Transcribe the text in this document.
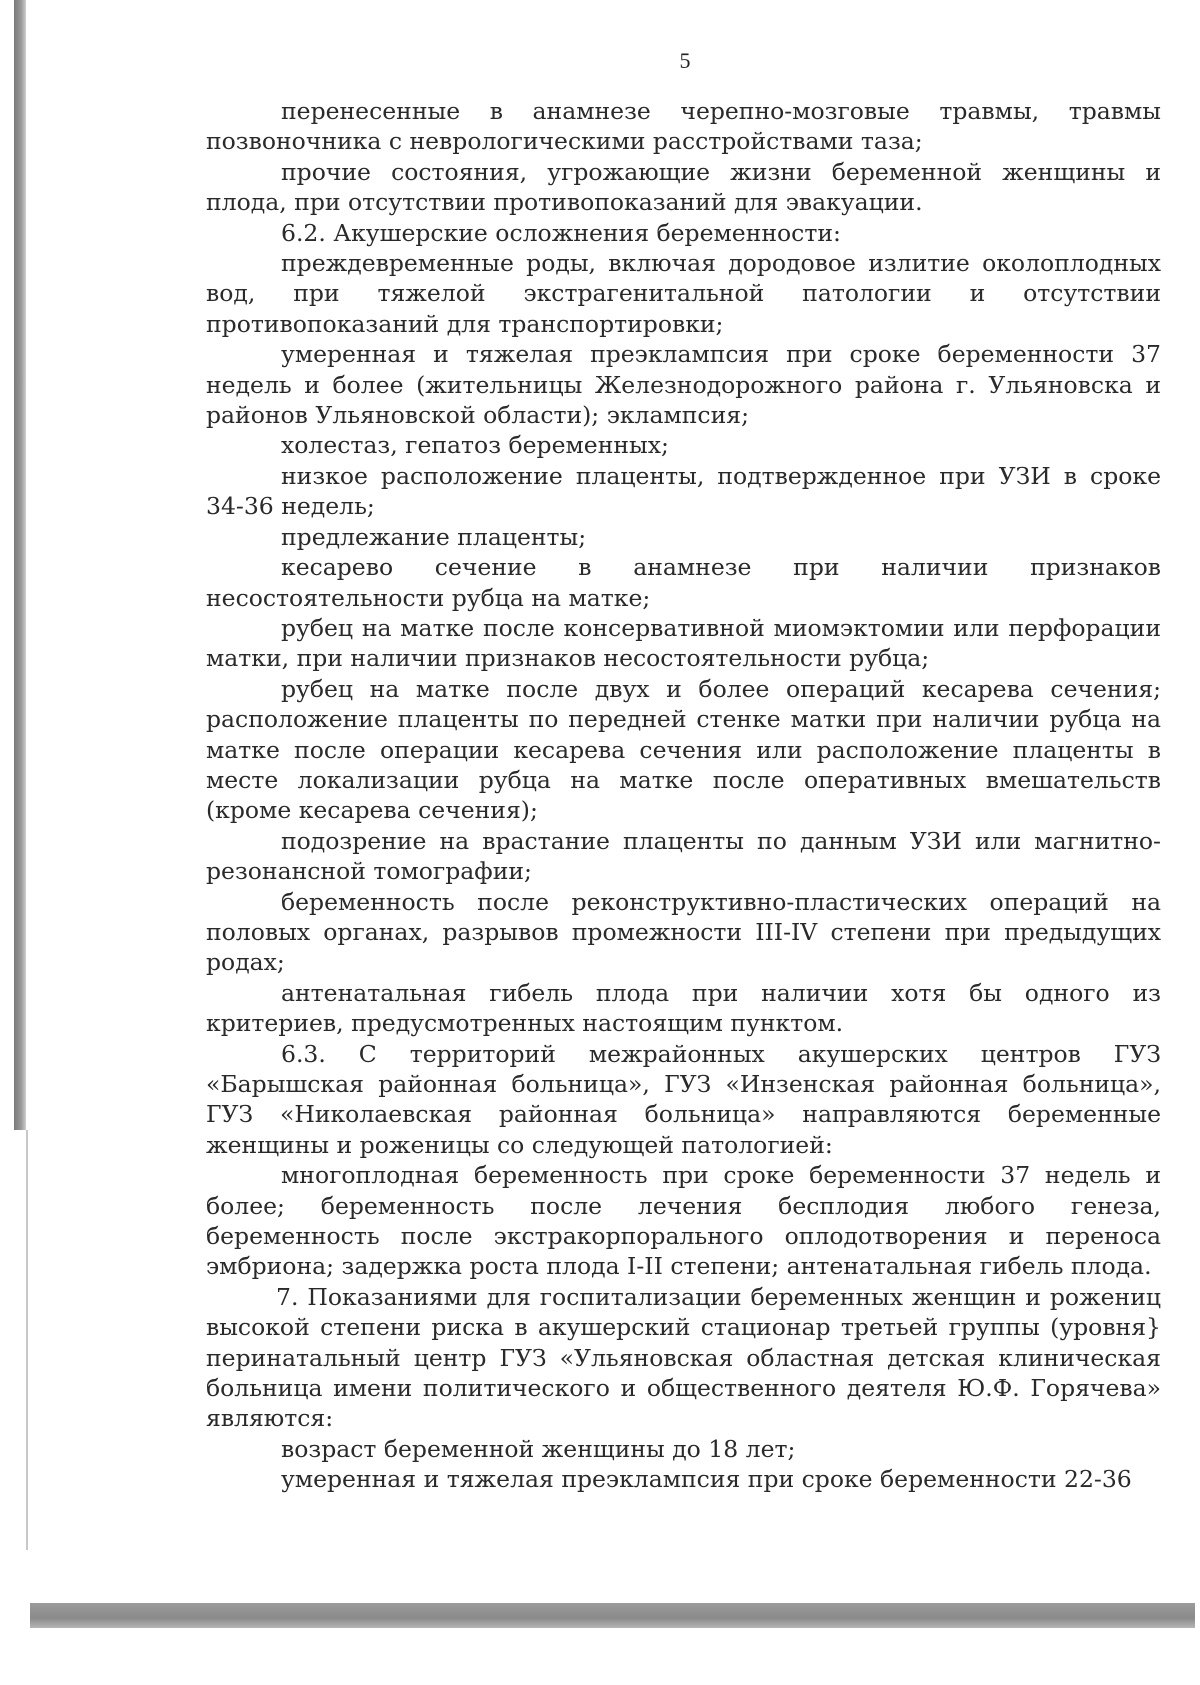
5

перенесенные в анамнезе черепно-мозговые травмы, травмы позвоночника с неврологическими расстройствами таза;

прочие состояния, угрожающие жизни беременной женщины и плода, при отсутствии противопоказаний для эвакуации.

6.2. Акушерские осложнения беременности:

преждевременные роды, включая дородовое излитие околоплодных вод, при тяжелой экстрагенитальной патологии и отсутствии противопоказаний для транспортировки;

умеренная и тяжелая преэклампсия при сроке беременности 37 недель и более (жительницы Железнодорожного района г. Ульяновска и районов Ульяновской области); эклампсия;

холестаз, гепатоз беременных;

низкое расположение плаценты, подтвержденное при УЗИ в сроке 34-36 недель;

предлежание плаценты;

кесарево сечение в анамнезе при наличии признаков несостоятельности рубца на матке;

рубец на матке после консервативной миомэктомии или перфорации матки, при наличии признаков несостоятельности рубца;

рубец на матке после двух и более операций кесарева сечения; расположение плаценты по передней стенке матки при наличии рубца на матке после операции кесарева сечения или расположение плаценты в месте локализации рубца на матке после оперативных вмешательств (кроме кесарева сечения);

подозрение на врастание плаценты по данным УЗИ или магнитно-резонансной томографии;

беременность после реконструктивно-пластических операций на половых органах, разрывов промежности III-IV степени при предыдущих родах;

антенатальная гибель плода при наличии хотя бы одного из критериев, предусмотренных настоящим пунктом.

6.3. С территорий межрайонных акушерских центров ГУЗ «Барышская районная больница», ГУЗ «Инзенская районная больница», ГУЗ «Николаевская районная больница» направляются беременные женщины и роженицы со следующей патологией:

многоплодная беременность при сроке беременности 37 недель и более; беременность после лечения бесплодия любого генеза, беременность после экстракорпорального оплодотворения и переноса эмбриона; задержка роста плода I-II степени; антенатальная гибель плода.

7. Показаниями для госпитализации беременных женщин и рожениц высокой степени риска в акушерский стационар третьей группы (уровня} перинатальный центр ГУЗ «Ульяновская областная детская клиническая больница имени политического и общественного деятеля Ю.Ф. Горячева» являются:

возраст беременной женщины до 18 лет;

умеренная и тяжелая преэклампсия при сроке беременности 22-36
